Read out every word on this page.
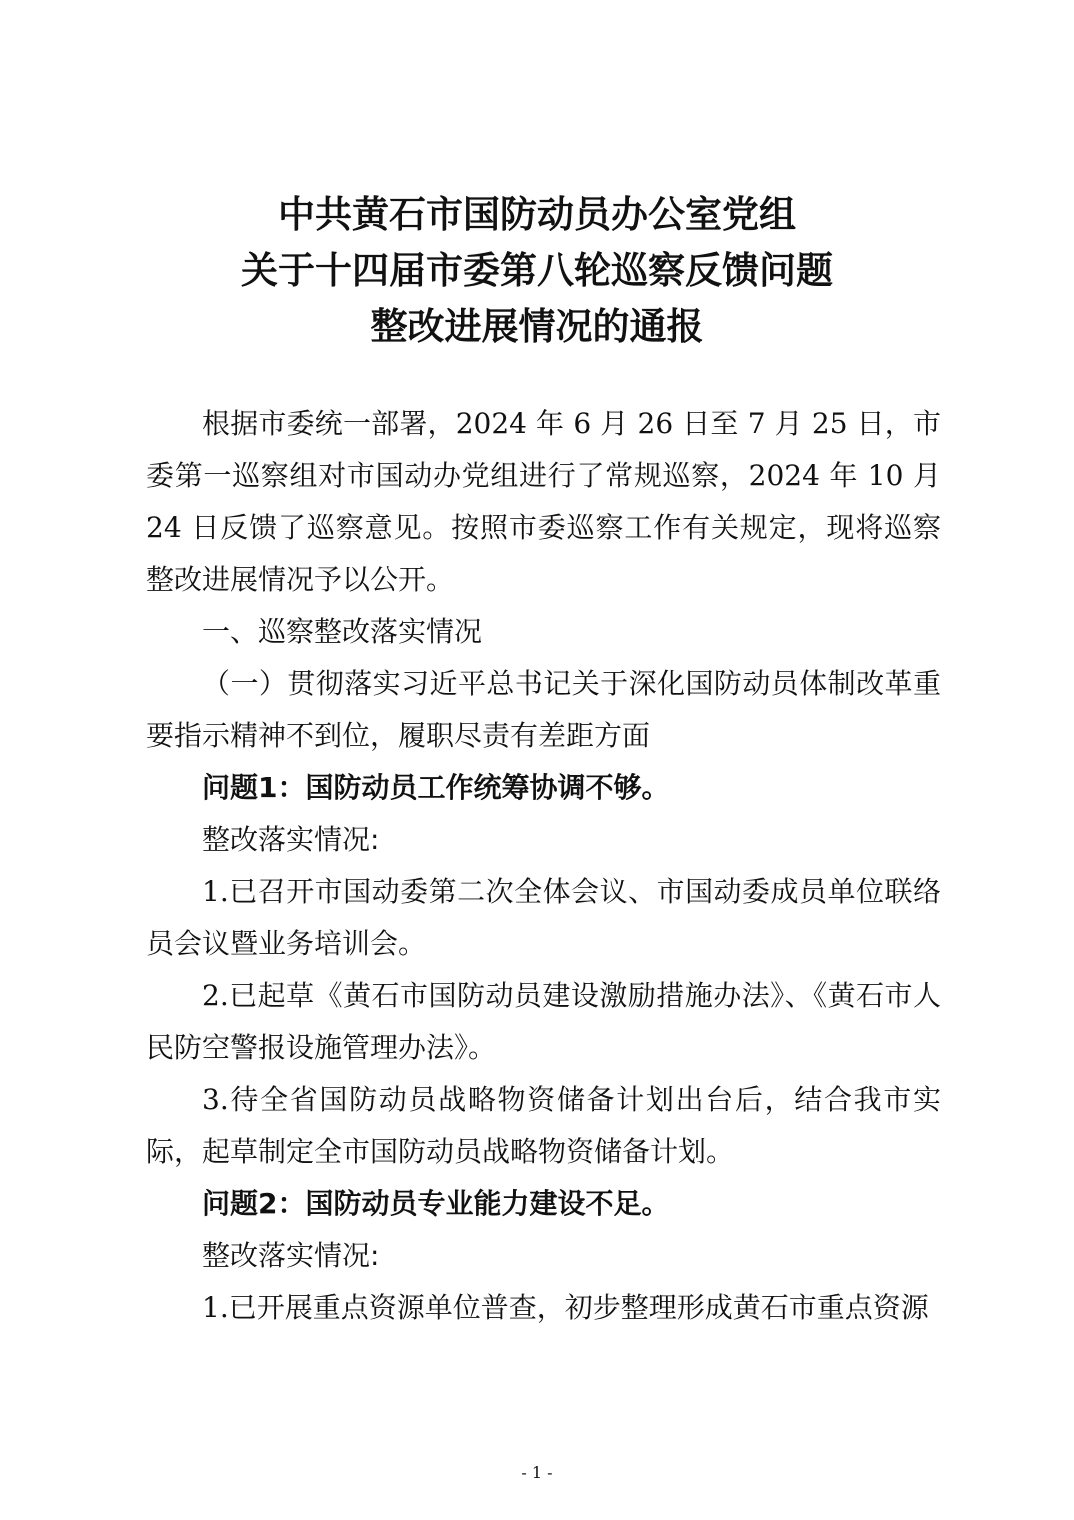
中共黄石市国防动员办公室党组
关于十四届市委第八轮巡察反馈问题
整改进展情况的通报

根据市委统一部署，2024 年 6 月 26 日至 7 月 25 日，市委第一巡察组对市国动办党组进行了常规巡察，2024 年 10 月 24 日反馈了巡察意见。按照市委巡察工作有关规定，现将巡察整改进展情况予以公开。

一、巡察整改落实情况

（一）贯彻落实习近平总书记关于深化国防动员体制改革重要指示精神不到位，履职尽责有差距方面

问题1：国防动员工作统筹协调不够。

整改落实情况:

1.已召开市国动委第二次全体会议、市国动委成员单位联络员会议暨业务培训会。

2.已起草《黄石市国防动员建设激励措施办法》、《黄石市人民防空警报设施管理办法》。

3.待全省国防动员战略物资储备计划出台后，结合我市实际，起草制定全市国防动员战略物资储备计划。

问题2：国防动员专业能力建设不足。

整改落实情况:

1.已开展重点资源单位普查，初步整理形成黄石市重点资源

- 1 -
